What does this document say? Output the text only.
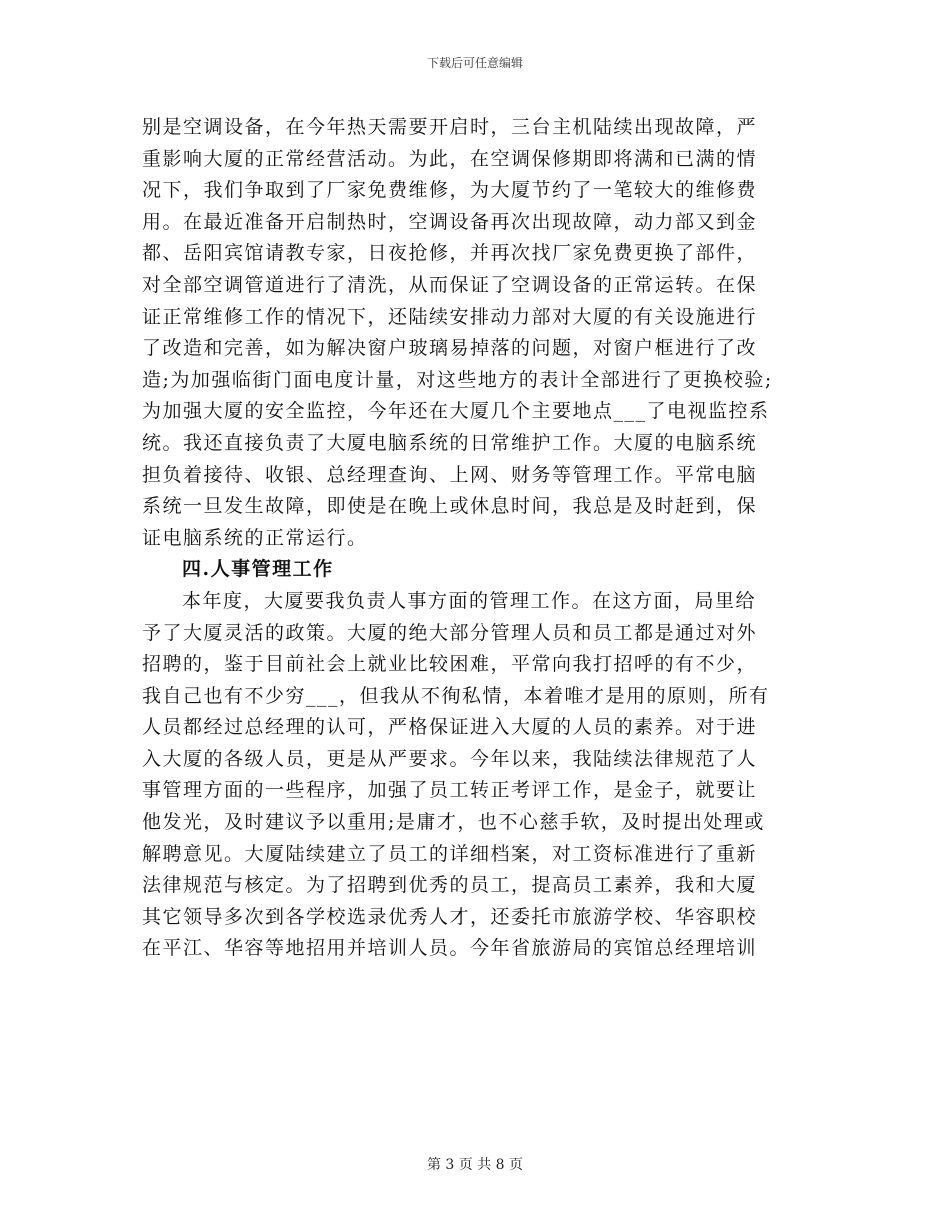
下载后可任意编辑
别是空调设备，在今年热天需要开启时，三台主机陆续出现故障，严
重影响大厦的正常经营活动。为此，在空调保修期即将满和已满的情
况下，我们争取到了厂家免费维修，为大厦节约了一笔较大的维修费
用。在最近准备开启制热时，空调设备再次出现故障，动力部又到金
都、岳阳宾馆请教专家，日夜抢修，并再次找厂家免费更换了部件，
对全部空调管道进行了清洗，从而保证了空调设备的正常运转。在保
证正常维修工作的情况下，还陆续安排动力部对大厦的有关设施进行
了改造和完善，如为解决窗户玻璃易掉落的问题，对窗户框进行了改
造;为加强临街门面电度计量，对这些地方的表计全部进行了更换校验;
为加强大厦的安全监控，今年还在大厦几个主要地点___了电视监控系
统。我还直接负责了大厦电脑系统的日常维护工作。大厦的电脑系统
担负着接待、收银、总经理查询、上网、财务等管理工作。平常电脑
系统一旦发生故障，即使是在晚上或休息时间，我总是及时赶到，保
证电脑系统的正常运行。
四.人事管理工作
本年度，大厦要我负责人事方面的管理工作。在这方面，局里给
予了大厦灵活的政策。大厦的绝大部分管理人员和员工都是通过对外
招聘的，鉴于目前社会上就业比较困难，平常向我打招呼的有不少，
我自己也有不少穷___，但我从不徇私情，本着唯才是用的原则，所有
人员都经过总经理的认可，严格保证进入大厦的人员的素养。对于进
入大厦的各级人员，更是从严要求。今年以来，我陆续法律规范了人
事管理方面的一些程序，加强了员工转正考评工作，是金子，就要让
他发光，及时建议予以重用;是庸才，也不心慈手软，及时提出处理或
解聘意见。大厦陆续建立了员工的详细档案，对工资标准进行了重新
法律规范与核定。为了招聘到优秀的员工，提高员工素养，我和大厦
其它领导多次到各学校选录优秀人才，还委托市旅游学校、华容职校
在平江、华容等地招用并培训人员。今年省旅游局的宾馆总经理培训
第 3 页 共 8 页
